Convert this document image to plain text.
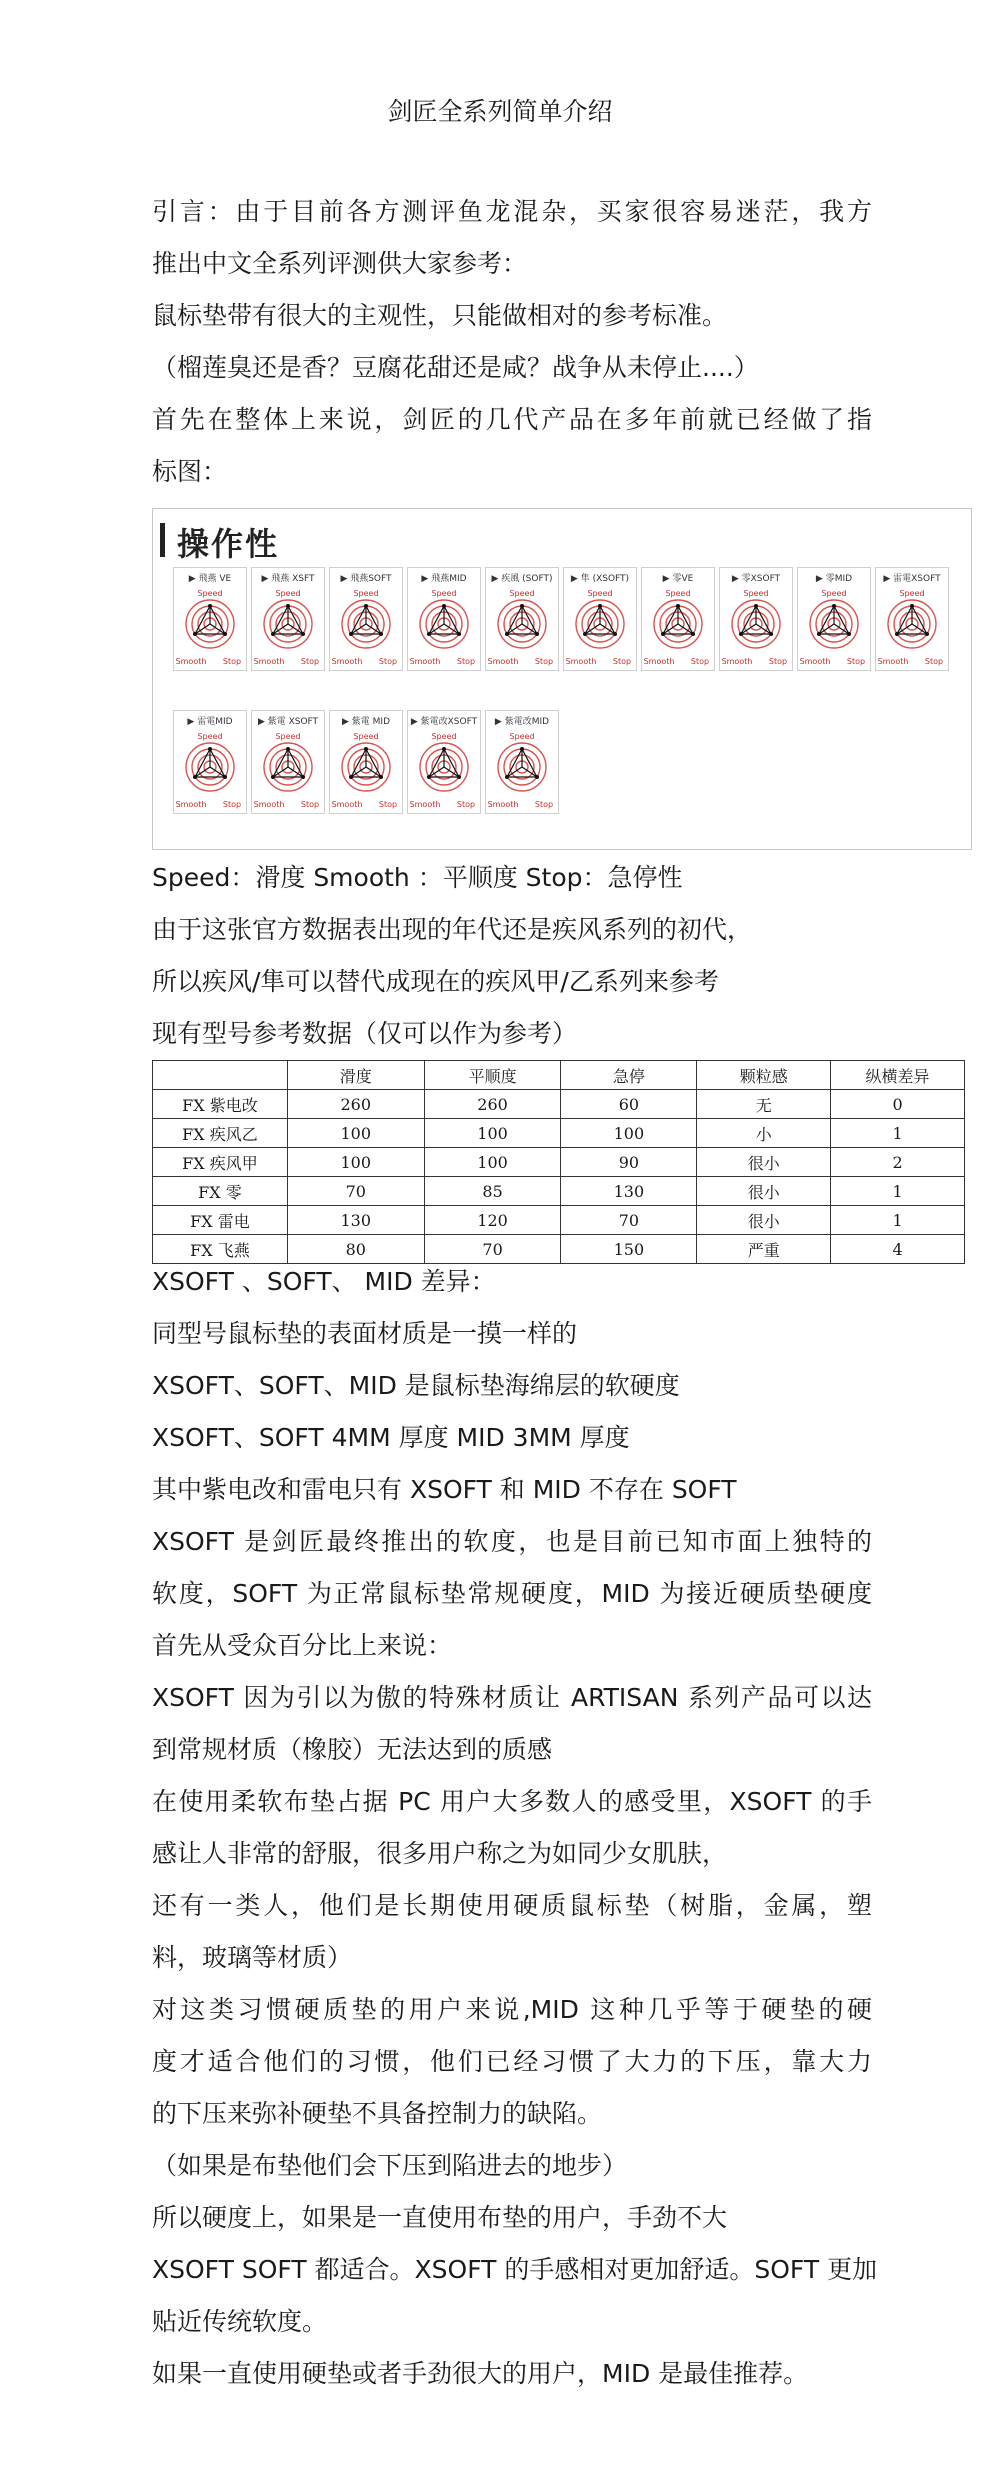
剑匠全系列简单介绍
引言：由于目前各方测评鱼龙混杂，买家很容易迷茫，我方
推出中文全系列评测供大家参考：
鼠标垫带有很大的主观性，只能做相对的参考标准。
（榴莲臭还是香？豆腐花甜还是咸？战争从未停止....）
首先在整体上来说，剑匠的几代产品在多年前就已经做了指
标图：
操作性
▶ 飛燕 VE
Speed
Smooth Stop
▶ 飛燕 XSFT
Speed
Smooth Stop
▶ 飛燕SOFT
Speed
Smooth Stop
▶ 飛燕MID
Speed
Smooth Stop
▶ 疾風 (SOFT)
Speed
Smooth Stop
▶ 隼 (XSOFT)
Speed
Smooth Stop
▶ 零VE
Speed
Smooth Stop
▶ 零XSOFT
Speed
Smooth Stop
▶ 零MID
Speed
Smooth Stop
▶ 雷電XSOFT
Speed
Smooth Stop
▶ 雷電MID
Speed
Smooth Stop
▶ 紫電 XSOFT
Speed
Smooth Stop
▶ 紫電 MID
Speed
Smooth Stop
▶ 紫電改XSOFT
Speed
Smooth Stop
▶ 紫電改MID
Speed
Smooth Stop
Speed：滑度 Smooth ：平顺度 Stop：急停性
由于这张官方数据表出现的年代还是疾风系列的初代，
所以疾风/隼可以替代成现在的疾风甲/乙系列来参考
现有型号参考数据（仅可以作为参考）
	滑度	平顺度	急停	颗粒感	纵横差异
FX 紫电改	260	260	60	无	0
FX 疾风乙	100	100	100	小	1
FX 疾风甲	100	100	90	很小	2
FX 零	70	85	130	很小	1
FX 雷电	130	120	70	很小	1
FX 飞燕	80	70	150	严重	4
XSOFT 、SOFT、 MID 差异：
同型号鼠标垫的表面材质是一摸一样的
XSOFT、SOFT、MID 是鼠标垫海绵层的软硬度
XSOFT、SOFT 4MM 厚度 MID 3MM 厚度
其中紫电改和雷电只有 XSOFT 和 MID 不存在 SOFT
XSOFT 是剑匠最终推出的软度，也是目前已知市面上独特的
软度，SOFT 为正常鼠标垫常规硬度，MID 为接近硬质垫硬度
首先从受众百分比上来说：
XSOFT 因为引以为傲的特殊材质让 ARTISAN 系列产品可以达
到常规材质（橡胶）无法达到的质感
在使用柔软布垫占据 PC 用户大多数人的感受里，XSOFT 的手
感让人非常的舒服，很多用户称之为如同少女肌肤，
还有一类人，他们是长期使用硬质鼠标垫（树脂，金属，塑
料，玻璃等材质）
对这类习惯硬质垫的用户来说,MID 这种几乎等于硬垫的硬
度才适合他们的习惯，他们已经习惯了大力的下压，靠大力
的下压来弥补硬垫不具备控制力的缺陷。
（如果是布垫他们会下压到陷进去的地步）
所以硬度上，如果是一直使用布垫的用户，手劲不大
XSOFT SOFT 都适合。XSOFT 的手感相对更加舒适。SOFT 更加
贴近传统软度。
如果一直使用硬垫或者手劲很大的用户，MID 是最佳推荐。
